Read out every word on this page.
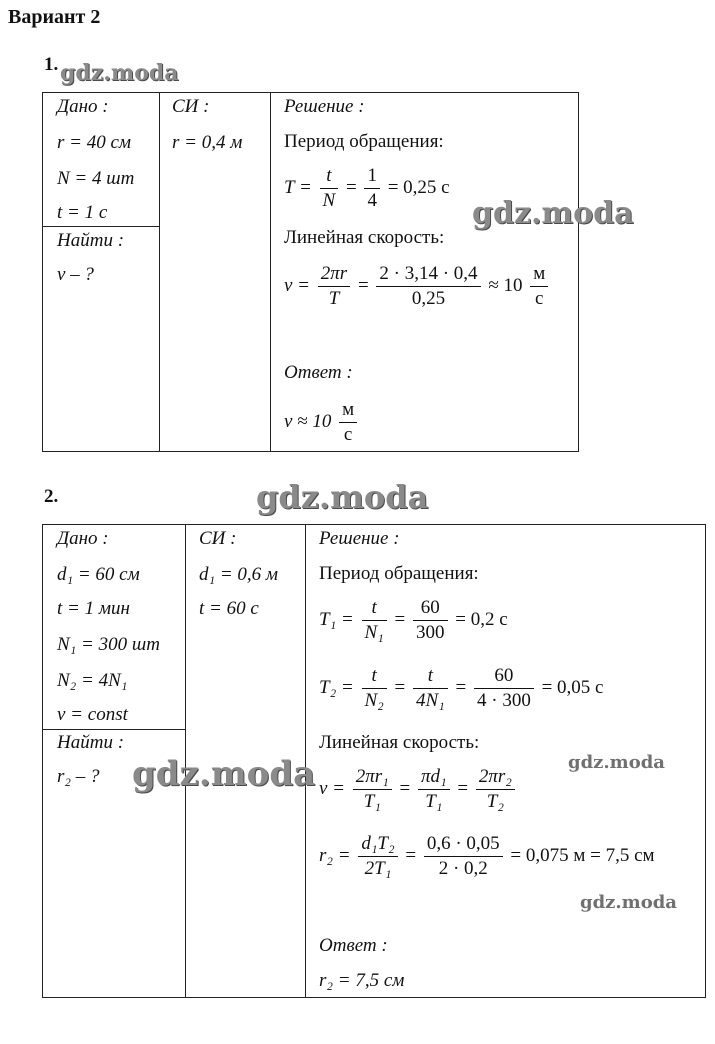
Вариант 2
1.
Дано :
r = 40 см
N = 4 шт
t = 1 с
Найти :
v – ?
СИ :
r = 0,4 м
Решение :
Период обращения:
$T = \frac{t}{N} = \frac{1}{4} = 0,25$ с
Линейная скорость:
$v = \frac{2\pi r}{T} = \frac{2 \cdot 3,14 \cdot 0,4}{0,25} \approx 10 \frac{м}{с}$
Ответ :
$v \approx 10 \frac{м}{с}$
2.
Дано :
d₁ = 60 см
t = 1 мин
N₁ = 300 шт
N₂ = 4N₁
v = const
Найти :
r₂ – ?
СИ :
d₁ = 0,6 м
t = 60 с
Решение :
Период обращения:
$T_1 = \frac{t}{\text{N₁}} = \frac{60}{300} = 0,2$ с
$T_2 = \frac{t}{\text{N₂}} = \frac{t}{\text{4N₁}} = \frac{60}{4 \cdot 300} = 0,05$ с
Линейная скорость:
$v = \frac{\text{2πr₁}}{\text{T₁}} = \frac{\text{πd₁}}{\text{T₁}} = \frac{\text{2πr₂}}{\text{T₂}}$
$r_2 = \frac{\text{d₁T₂}}{\text{2T₁}} = \frac{0,6 \cdot 0,05}{2 \cdot 0,2} = 0,075$ м = 7,5 см
Ответ :
r₂ = 7,5 см
gdz.moda
gdz.moda
gdz.moda
gdz.moda	gdz.moda
gdz.moda
